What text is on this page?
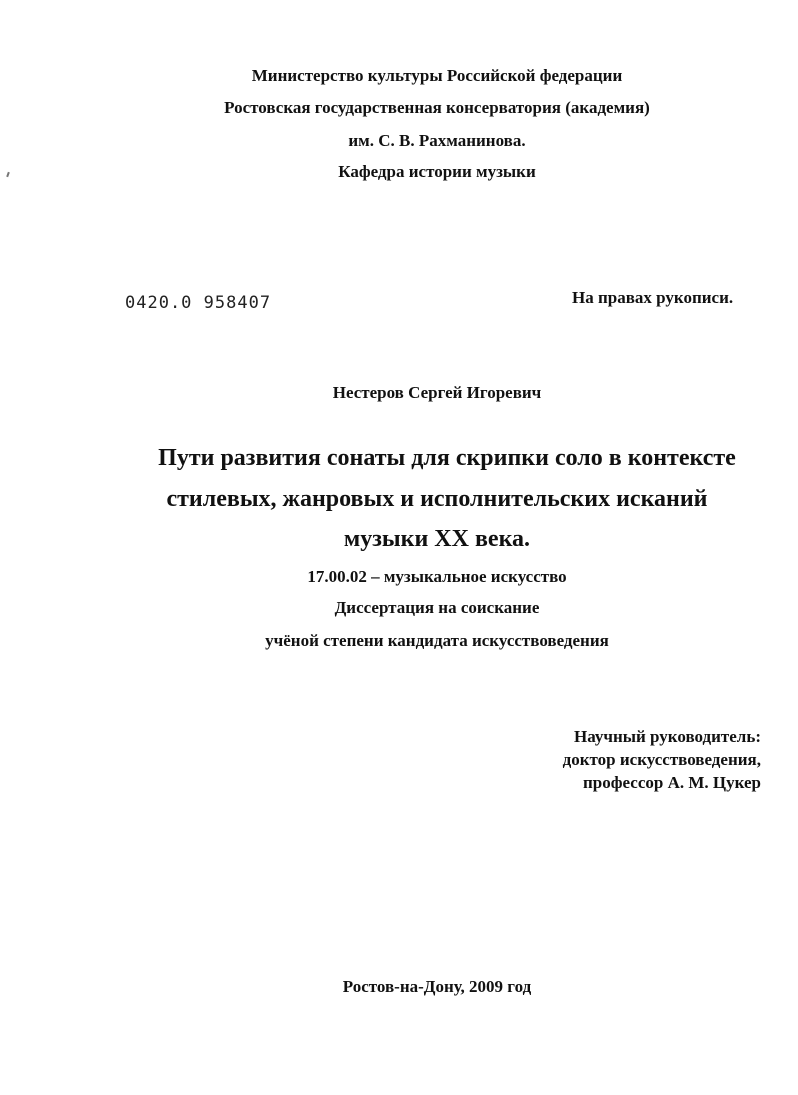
Министерство культуры Российской федерации
Ростовская государственная консерватория (академия)
им. С. В. Рахманинова.
Кафедра истории музыки
0420.0 958407	На правах рукописи.
Нестеров Сергей Игоревич
Пути развития сонаты для скрипки соло в контексте
стилевых, жанровых и исполнительских исканий
музыки XX века.
17.00.02 – музыкальное искусство
Диссертация на соискание
учёной степени кандидата искусствоведения
Научный руководитель:
доктор искусствоведения,
профессор А. М. Цукер
Ростов-на-Дону, 2009 год
